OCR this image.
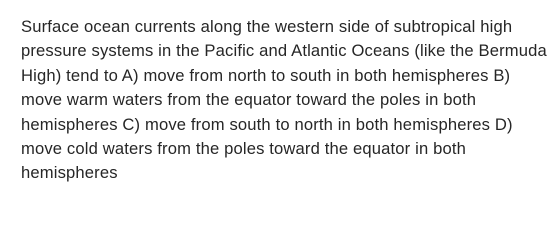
Surface ocean currents along the western side of subtropical high pressure systems in the Pacific and Atlantic Oceans (like the Bermuda High) tend to A) move from north to south in both hemispheres B) move warm waters from the equator toward the poles in both hemispheres C) move from south to north in both hemispheres D) move cold waters from the poles toward the equator in both hemispheres
